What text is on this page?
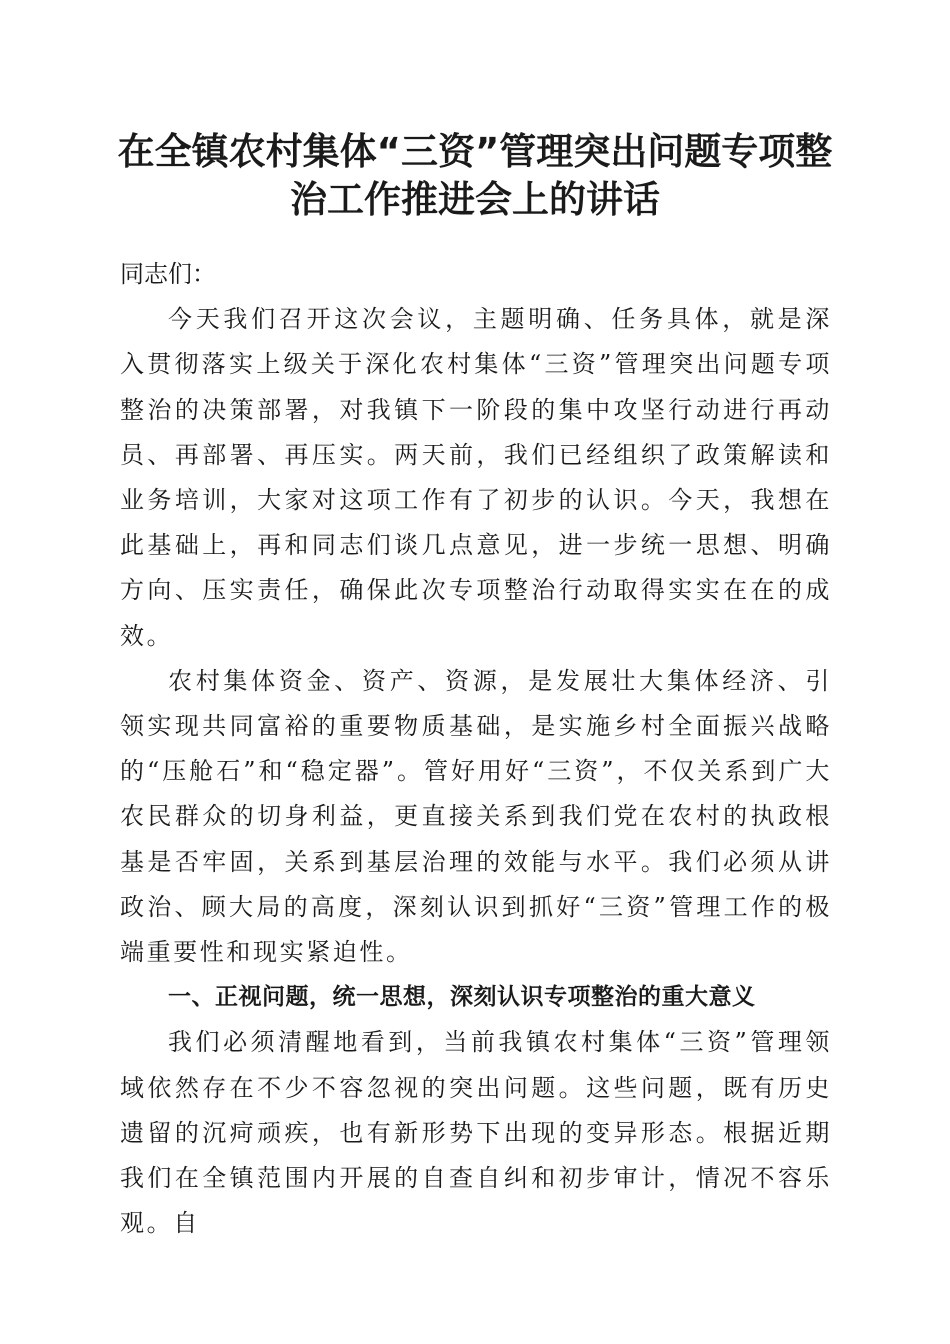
在全镇农村集体“三资”管理突出问题专项整
治工作推进会上的讲话

同志们：

今天我们召开这次会议，主题明确、任务具体，就是深入贯彻落实上级关于深化农村集体“三资”管理突出问题专项整治的决策部署，对我镇下一阶段的集中攻坚行动进行再动员、再部署、再压实。两天前，我们已经组织了政策解读和业务培训，大家对这项工作有了初步的认识。今天，我想在此基础上，再和同志们谈几点意见，进一步统一思想、明确方向、压实责任，确保此次专项整治行动取得实实在在的成效。

农村集体资金、资产、资源，是发展壮大集体经济、引领实现共同富裕的重要物质基础，是实施乡村全面振兴战略的“压舱石”和“稳定器”。管好用好“三资”，不仅关系到广大农民群众的切身利益，更直接关系到我们党在农村的执政根基是否牢固，关系到基层治理的效能与水平。我们必须从讲政治、顾大局的高度，深刻认识到抓好“三资”管理工作的极端重要性和现实紧迫性。

一、正视问题，统一思想，深刻认识专项整治的重大意义

我们必须清醒地看到，当前我镇农村集体“三资”管理领域依然存在不少不容忽视的突出问题。这些问题，既有历史遗留的沉疴顽疾，也有新形势下出现的变异形态。根据近期我们在全镇范围内开展的自查自纠和初步审计，情况不容乐观。自
